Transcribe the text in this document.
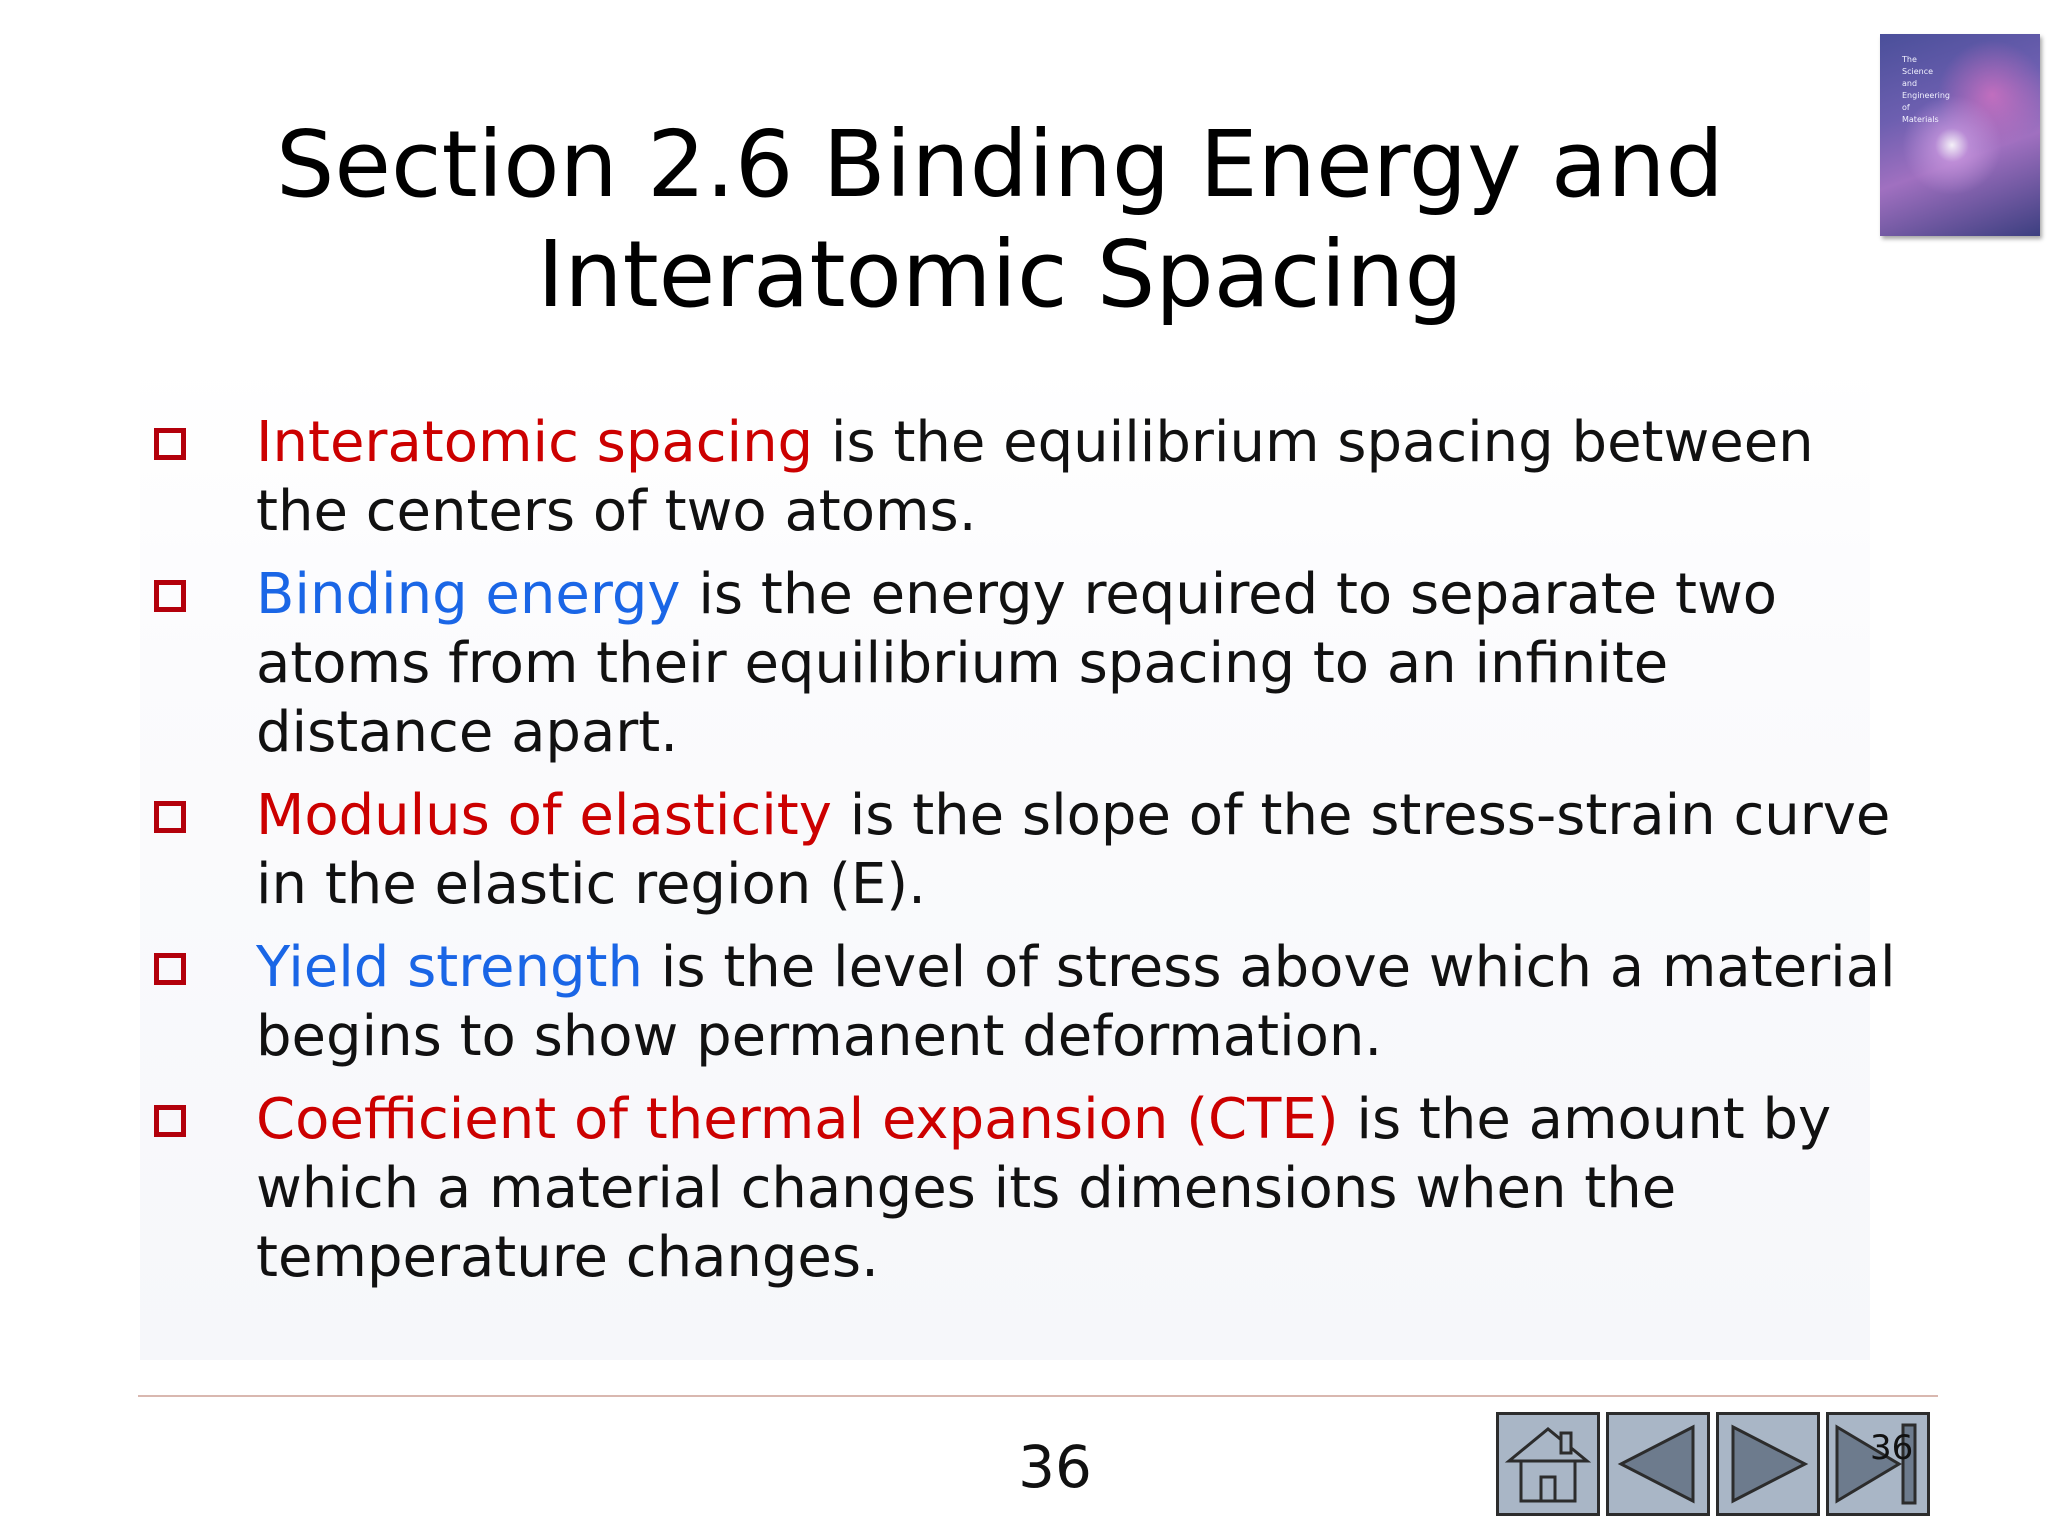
The
Science
and
Engineering
of
Materials
Section 2.6 Binding Energy and
Interatomic Spacing
Interatomic spacing is the equilibrium spacing between the centers of two atoms.
Binding energy is the energy required to separate two atoms from their equilibrium spacing to an infinite distance apart.
Modulus of elasticity is the slope of the stress-strain curve in the elastic region (E).
Yield strength is the level of stress above which a material begins to show permanent deformation.
Coefficient of thermal expansion (CTE) is the amount by which a material changes its dimensions when the temperature changes.
36	36
